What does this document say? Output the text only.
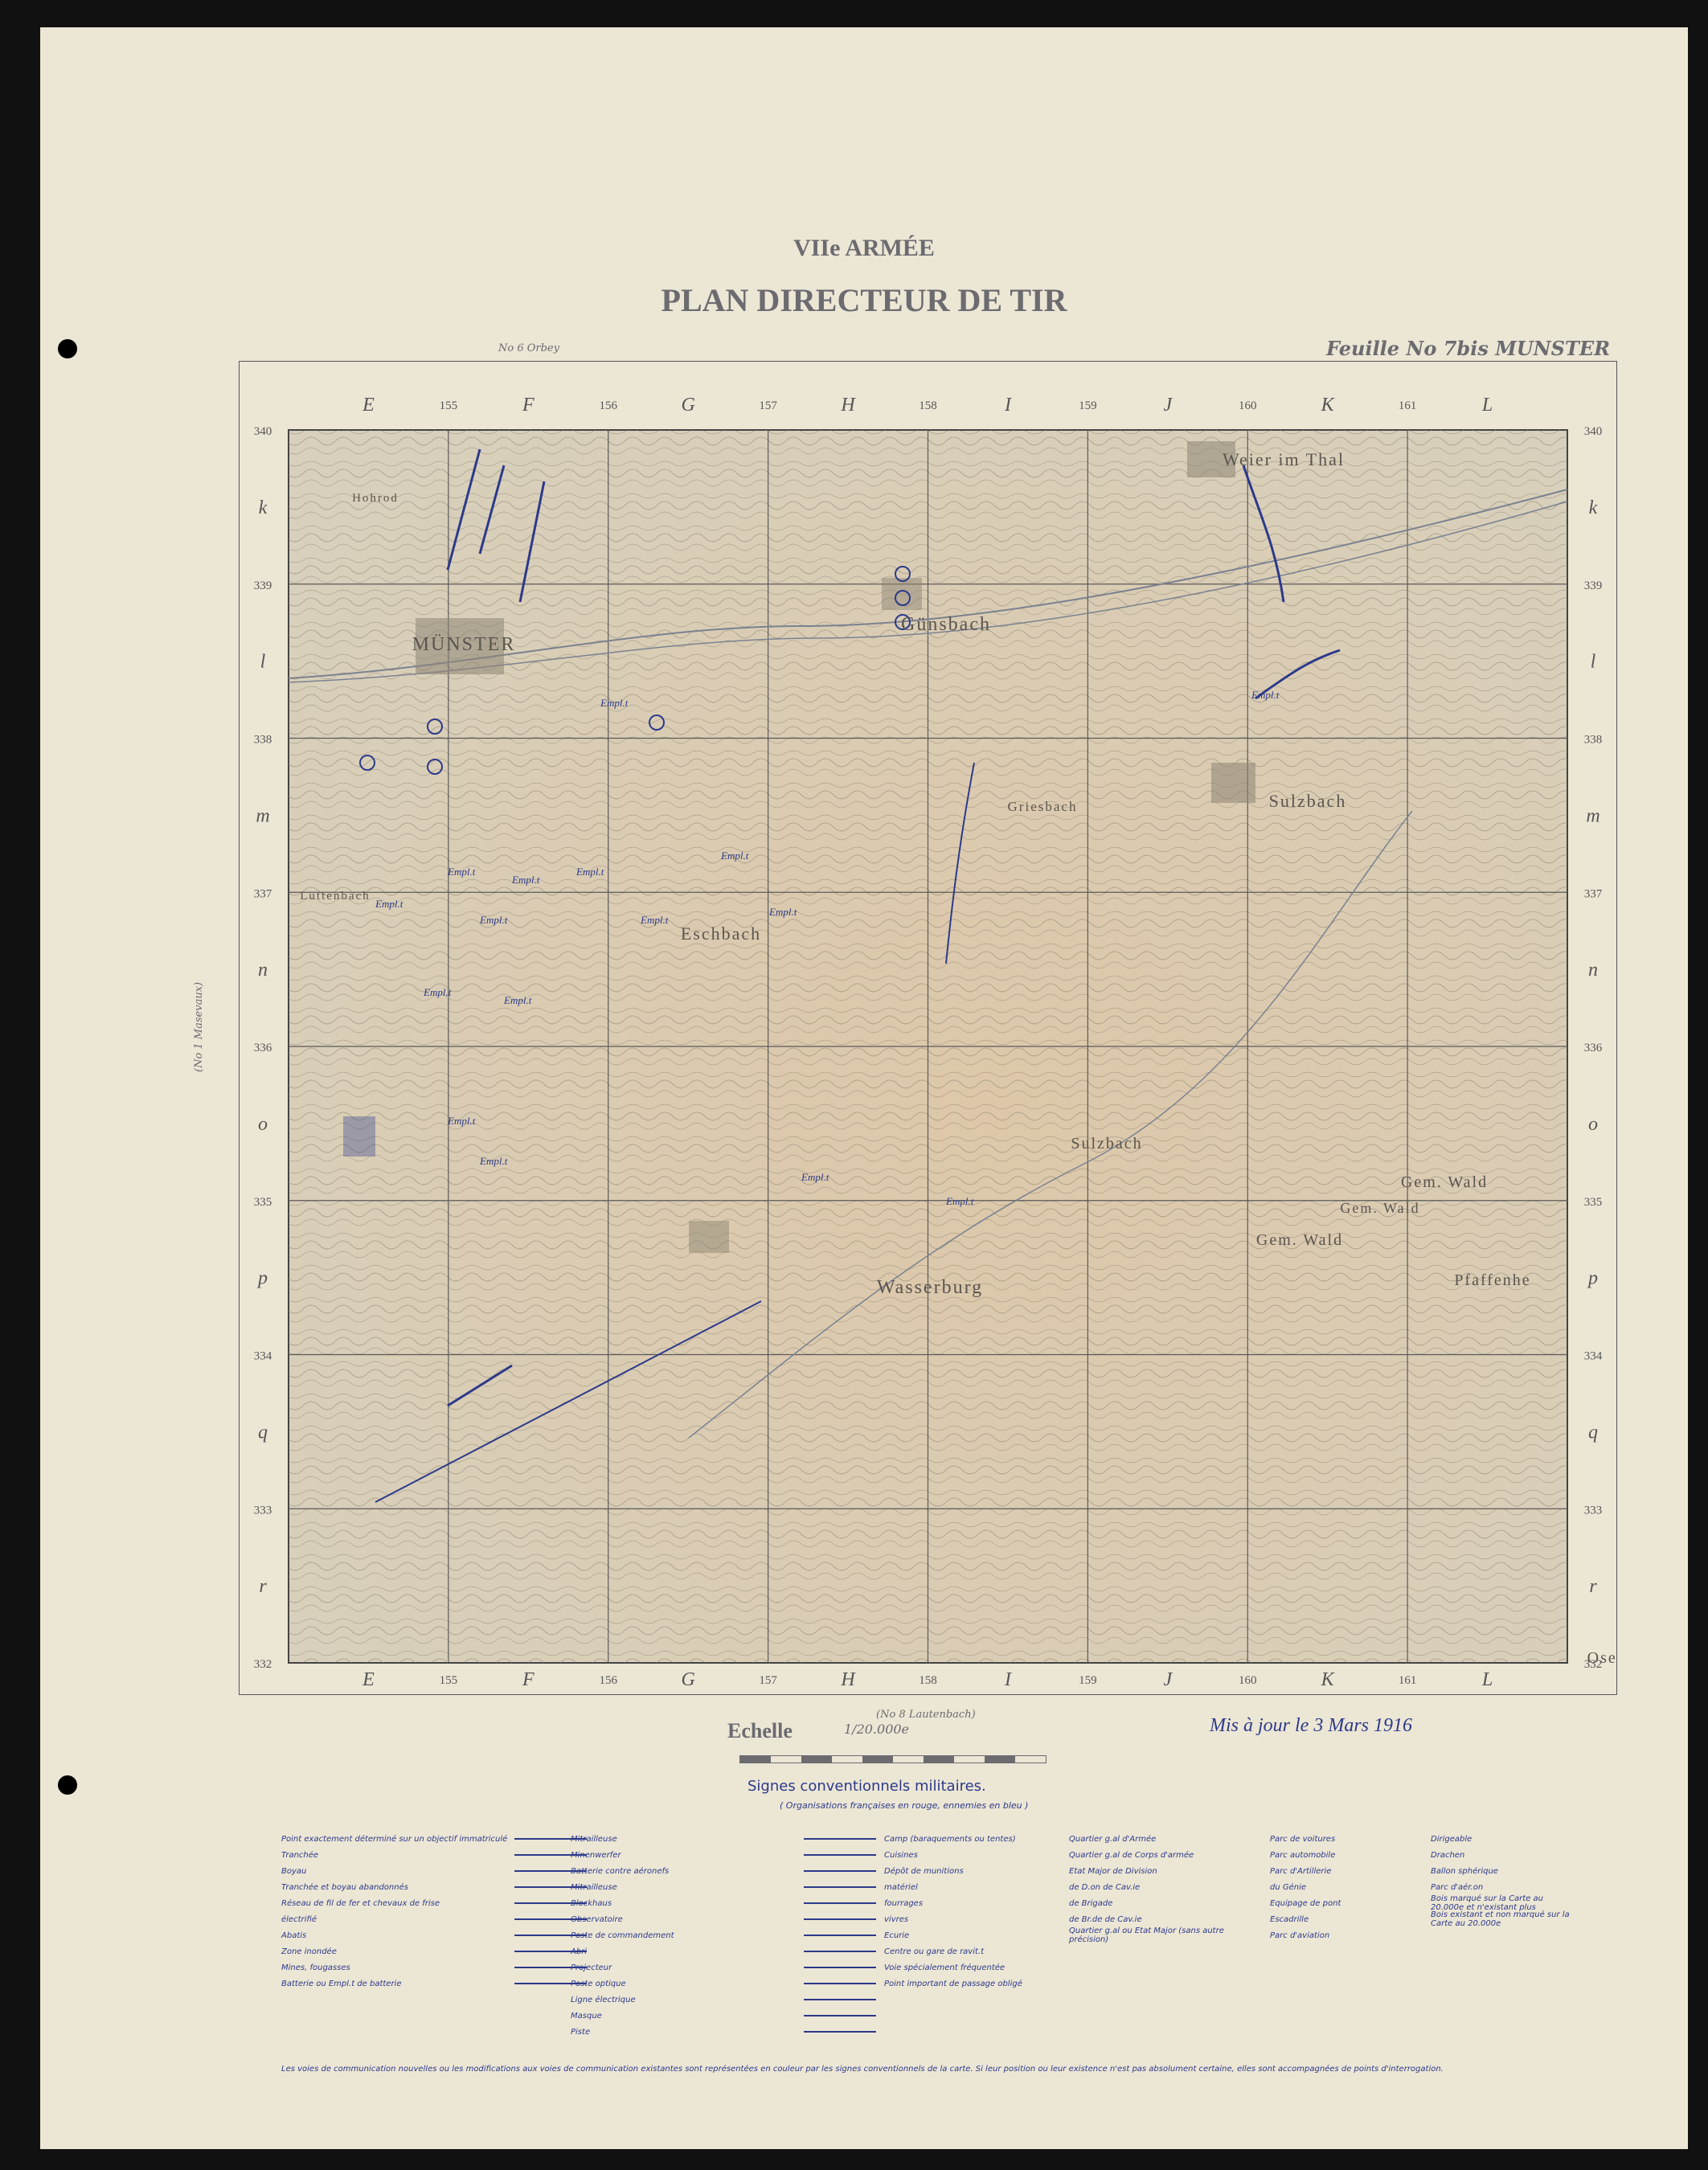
VIIe ARMÉE
PLAN DIRECTEUR DE TIR
No 6 Orbey	Feuille No 7bis MUNSTER
(No 1 Masevaux)
(No 8 Lautenbach)
Empl.t
Empl.t
Empl.t
Empl.t
Empl.t
Empl.t
Empl.t
Empl.t
Empl.t
Empl.t
Empl.t
Empl.t
Empl.t
Empl.t
Empl.t
Empl.t
MÜNSTER
Günsbach
Weier im Thal
Sulzbach
Griesbach
Eschbach
Wasserburg
Sulzbach
Gem. Wald
Gem. Wald
Gem. Wald
Pfaffenhe
Luttenbach
Hohrod
Ose
E
E
F
F
G
G
H
H
I
I
J
J
K
K
L
L
155
155
156
156
157
157
158
158
159
159
160
160
161
161
340	340
339	339
338	338
337	337
336	336
335	335
334	334
333	333
332	332
k	k
l	l
m	m
n	n
o	o
p	p
q	q
r	r
Echelle	1/20.000e	Mis à jour le 3 Mars 1916
Signes conventionnels militaires.
( Organisations françaises en rouge, ennemies en bleu )
Point exactement déterminé sur un objectif immatriculé
Tranchée
Boyau
Tranchée et boyau abandonnés
Réseau de fil de fer et chevaux de frise
électrifié
Abatis
Zone inondée
Mines, fougasses
Batterie ou Empl.t de batterie
Mitrailleuse
Minenwerfer
Batterie contre aéronefs
Mitrailleuse
Blockhaus
Observatoire
Poste de commandement
Abri
Projecteur
Poste optique
Ligne électrique
Masque
Piste
Camp (baraquements ou tentes)
Cuisines
Dépôt de munitions
matériel
fourrages
vivres
Ecurie
Centre ou gare de ravit.t
Voie spécialement fréquentée
Point important de passage obligé
Quartier g.al d'Armée
Quartier g.al de Corps d'armée
Etat Major de Division
de D.on de Cav.ie
de Brigade
de Br.de de Cav.ie
Quartier g.al ou Etat Major (sans autre précision)
Parc de voitures
Parc automobile
Parc d'Artillerie
du Génie
Equipage de pont
Escadrille
Parc d'aviation
Dirigeable
Drachen
Ballon sphérique
Parc d'aér.on
Bois marqué sur la Carte au 20.000e et n'existant plus
Bois existant et non marqué sur la Carte au 20.000e
Les voies de communication nouvelles ou les modifications aux voies de communication existantes sont représentées en couleur par les signes conventionnels de la carte. Si leur position ou leur existence n'est pas absolument certaine, elles sont accompagnées de points d'interrogation.
